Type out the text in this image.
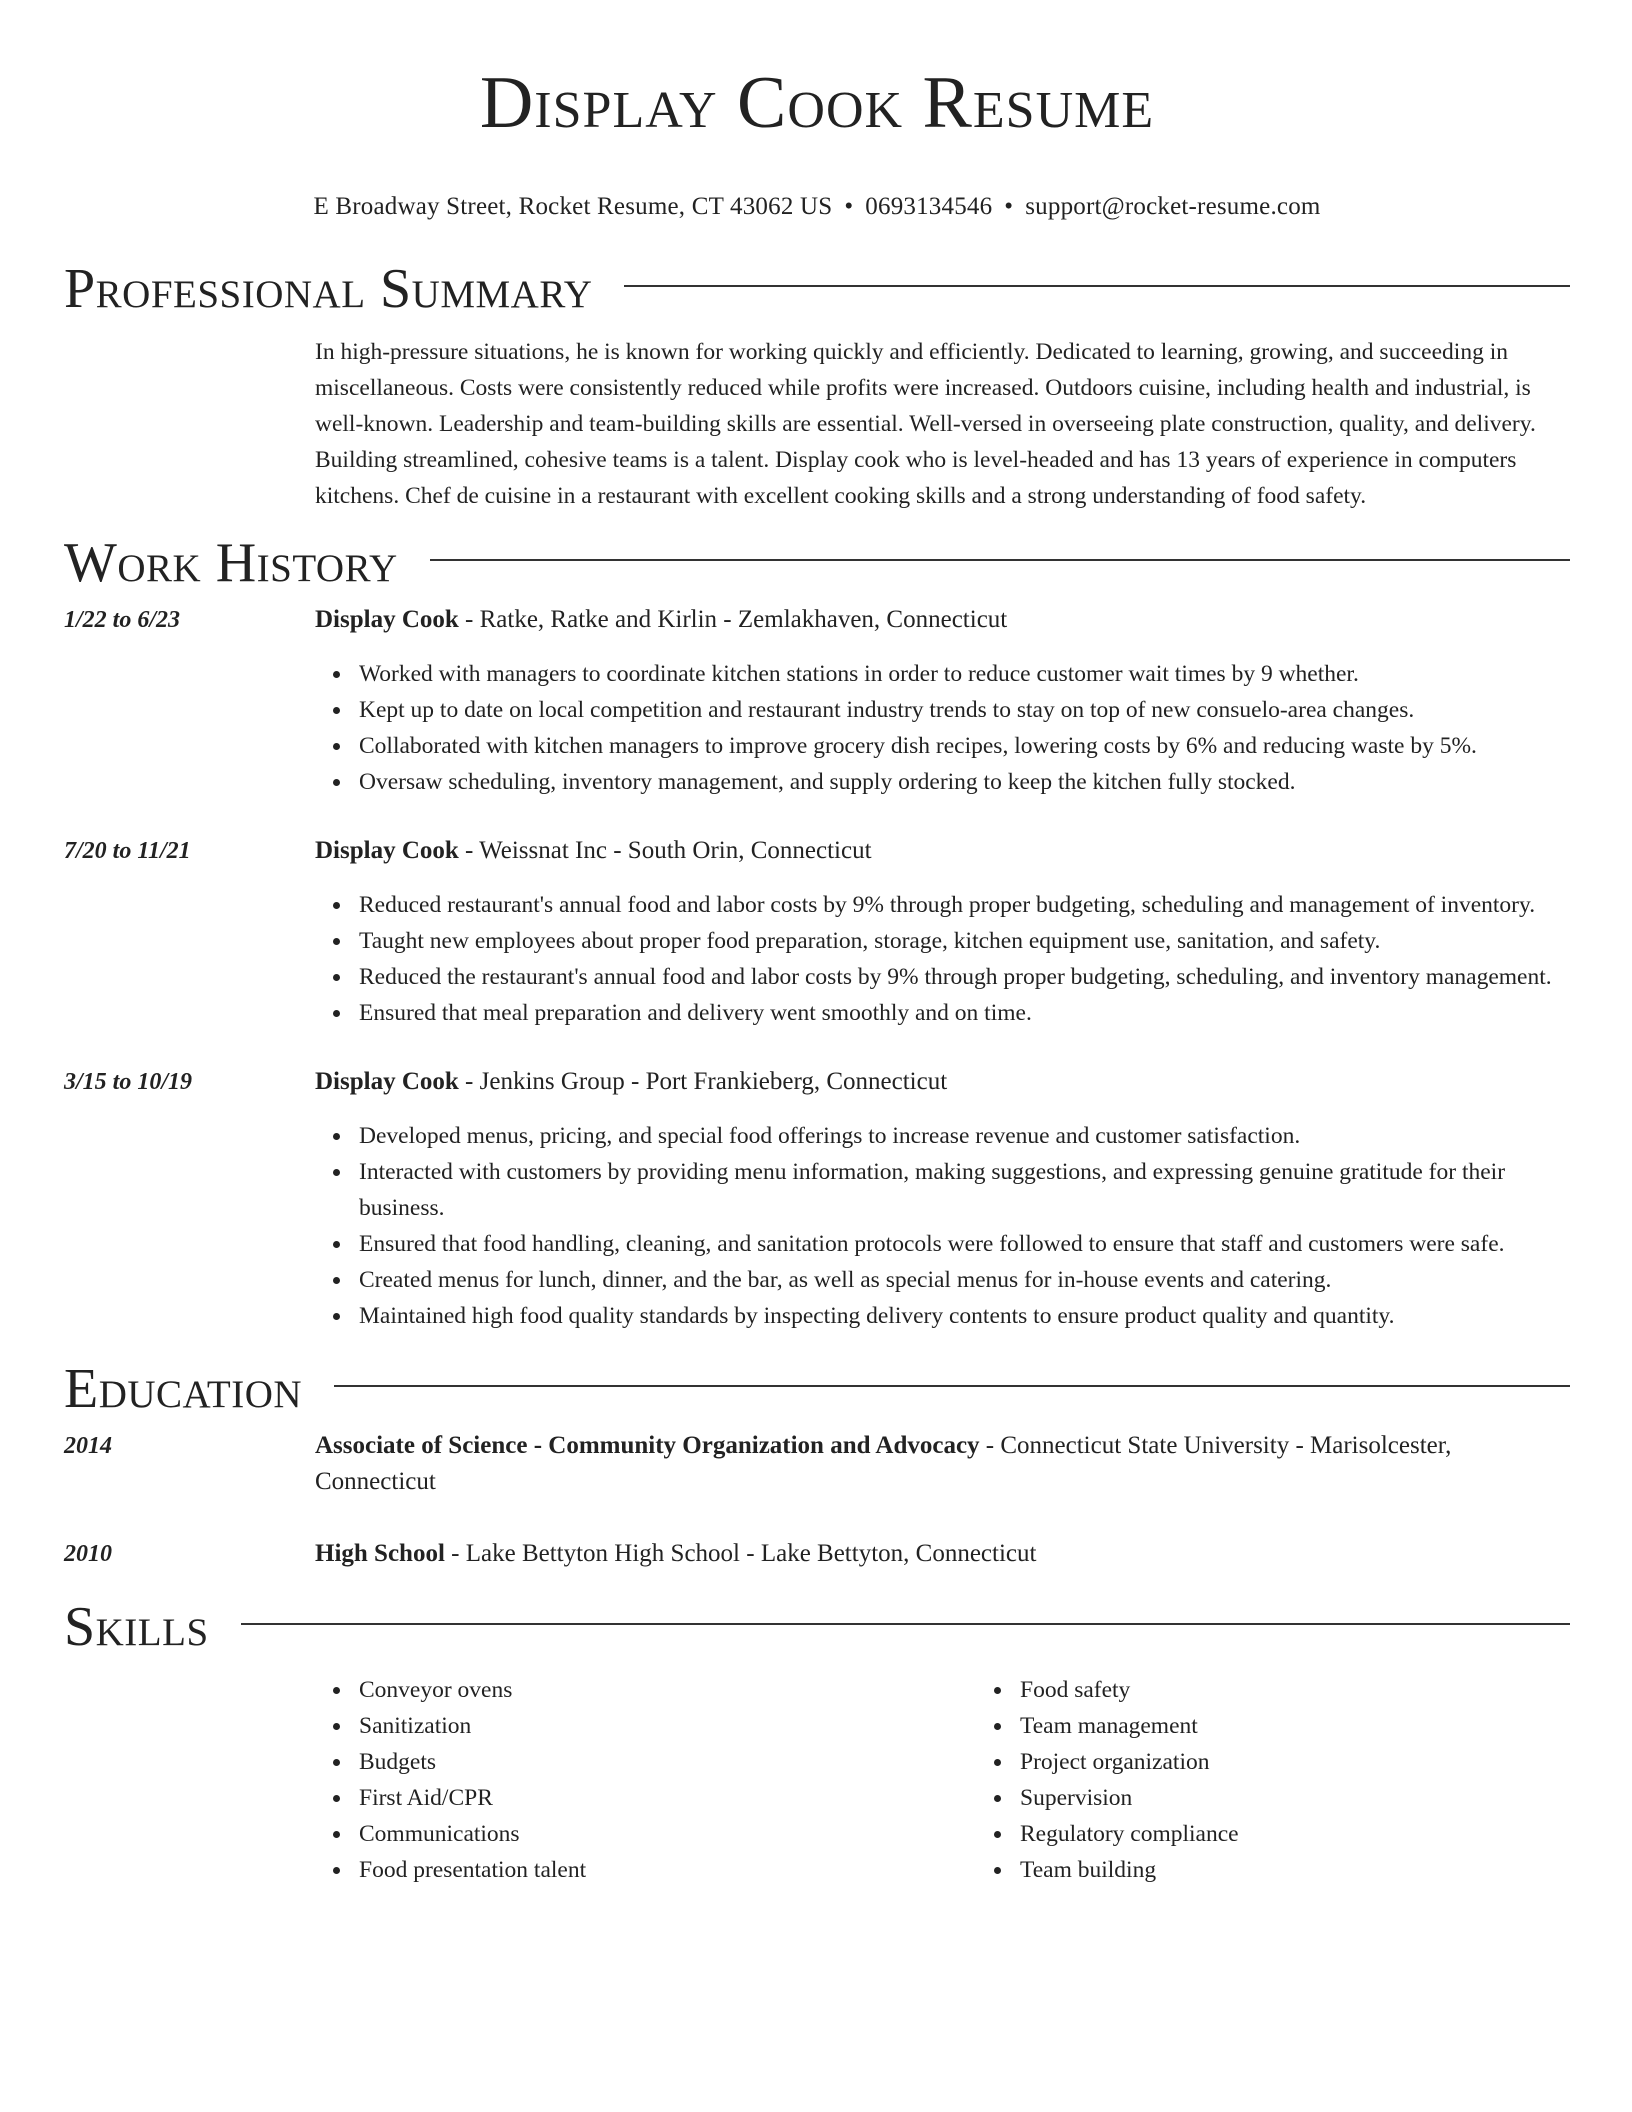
Display Cook Resume
E Broadway Street, Rocket Resume, CT 43062 US • 0693134546 • support@rocket-resume.com
Professional Summary

In high-pressure situations, he is known for working quickly and efficiently. Dedicated to learning, growing, and succeeding in miscellaneous. Costs were consistently reduced while profits were increased. Outdoors cuisine, including health and industrial, is well-known. Leadership and team-building skills are essential. Well-versed in overseeing plate construction, quality, and delivery. Building streamlined, cohesive teams is a talent. Display cook who is level-headed and has 13 years of experience in computers kitchens. Chef de cuisine in a restaurant with excellent cooking skills and a strong understanding of food safety.

Work History
1/22 to 6/23	Display Cook - Ratke, Ratke and Kirlin - Zemlakhaven, Connecticut
Worked with managers to coordinate kitchen stations in order to reduce customer wait times by 9 whether.
Kept up to date on local competition and restaurant industry trends to stay on top of new consuelo-area changes.
Collaborated with kitchen managers to improve grocery dish recipes, lowering costs by 6% and reducing waste by 5%.
Oversaw scheduling, inventory management, and supply ordering to keep the kitchen fully stocked.
7/20 to 11/21	Display Cook - Weissnat Inc - South Orin, Connecticut
Reduced restaurant's annual food and labor costs by 9% through proper budgeting, scheduling and management of inventory.
Taught new employees about proper food preparation, storage, kitchen equipment use, sanitation, and safety.
Reduced the restaurant's annual food and labor costs by 9% through proper budgeting, scheduling, and inventory management.
Ensured that meal preparation and delivery went smoothly and on time.
3/15 to 10/19	Display Cook - Jenkins Group - Port Frankieberg, Connecticut
Developed menus, pricing, and special food offerings to increase revenue and customer satisfaction.
Interacted with customers by providing menu information, making suggestions, and expressing genuine gratitude for their business.
Ensured that food handling, cleaning, and sanitation protocols were followed to ensure that staff and customers were safe.
Created menus for lunch, dinner, and the bar, as well as special menus for in-house events and catering.
Maintained high food quality standards by inspecting delivery contents to ensure product quality and quantity.
Education
2014	Associate of Science - Community Organization and Advocacy - Connecticut State University - Marisolcester, Connecticut
2010	High School - Lake Bettyton High School - Lake Bettyton, Connecticut
Skills
Conveyor ovens
Sanitization
Budgets
First Aid/CPR
Communications
Food presentation talent
Food safety
Team management
Project organization
Supervision
Regulatory compliance
Team building
